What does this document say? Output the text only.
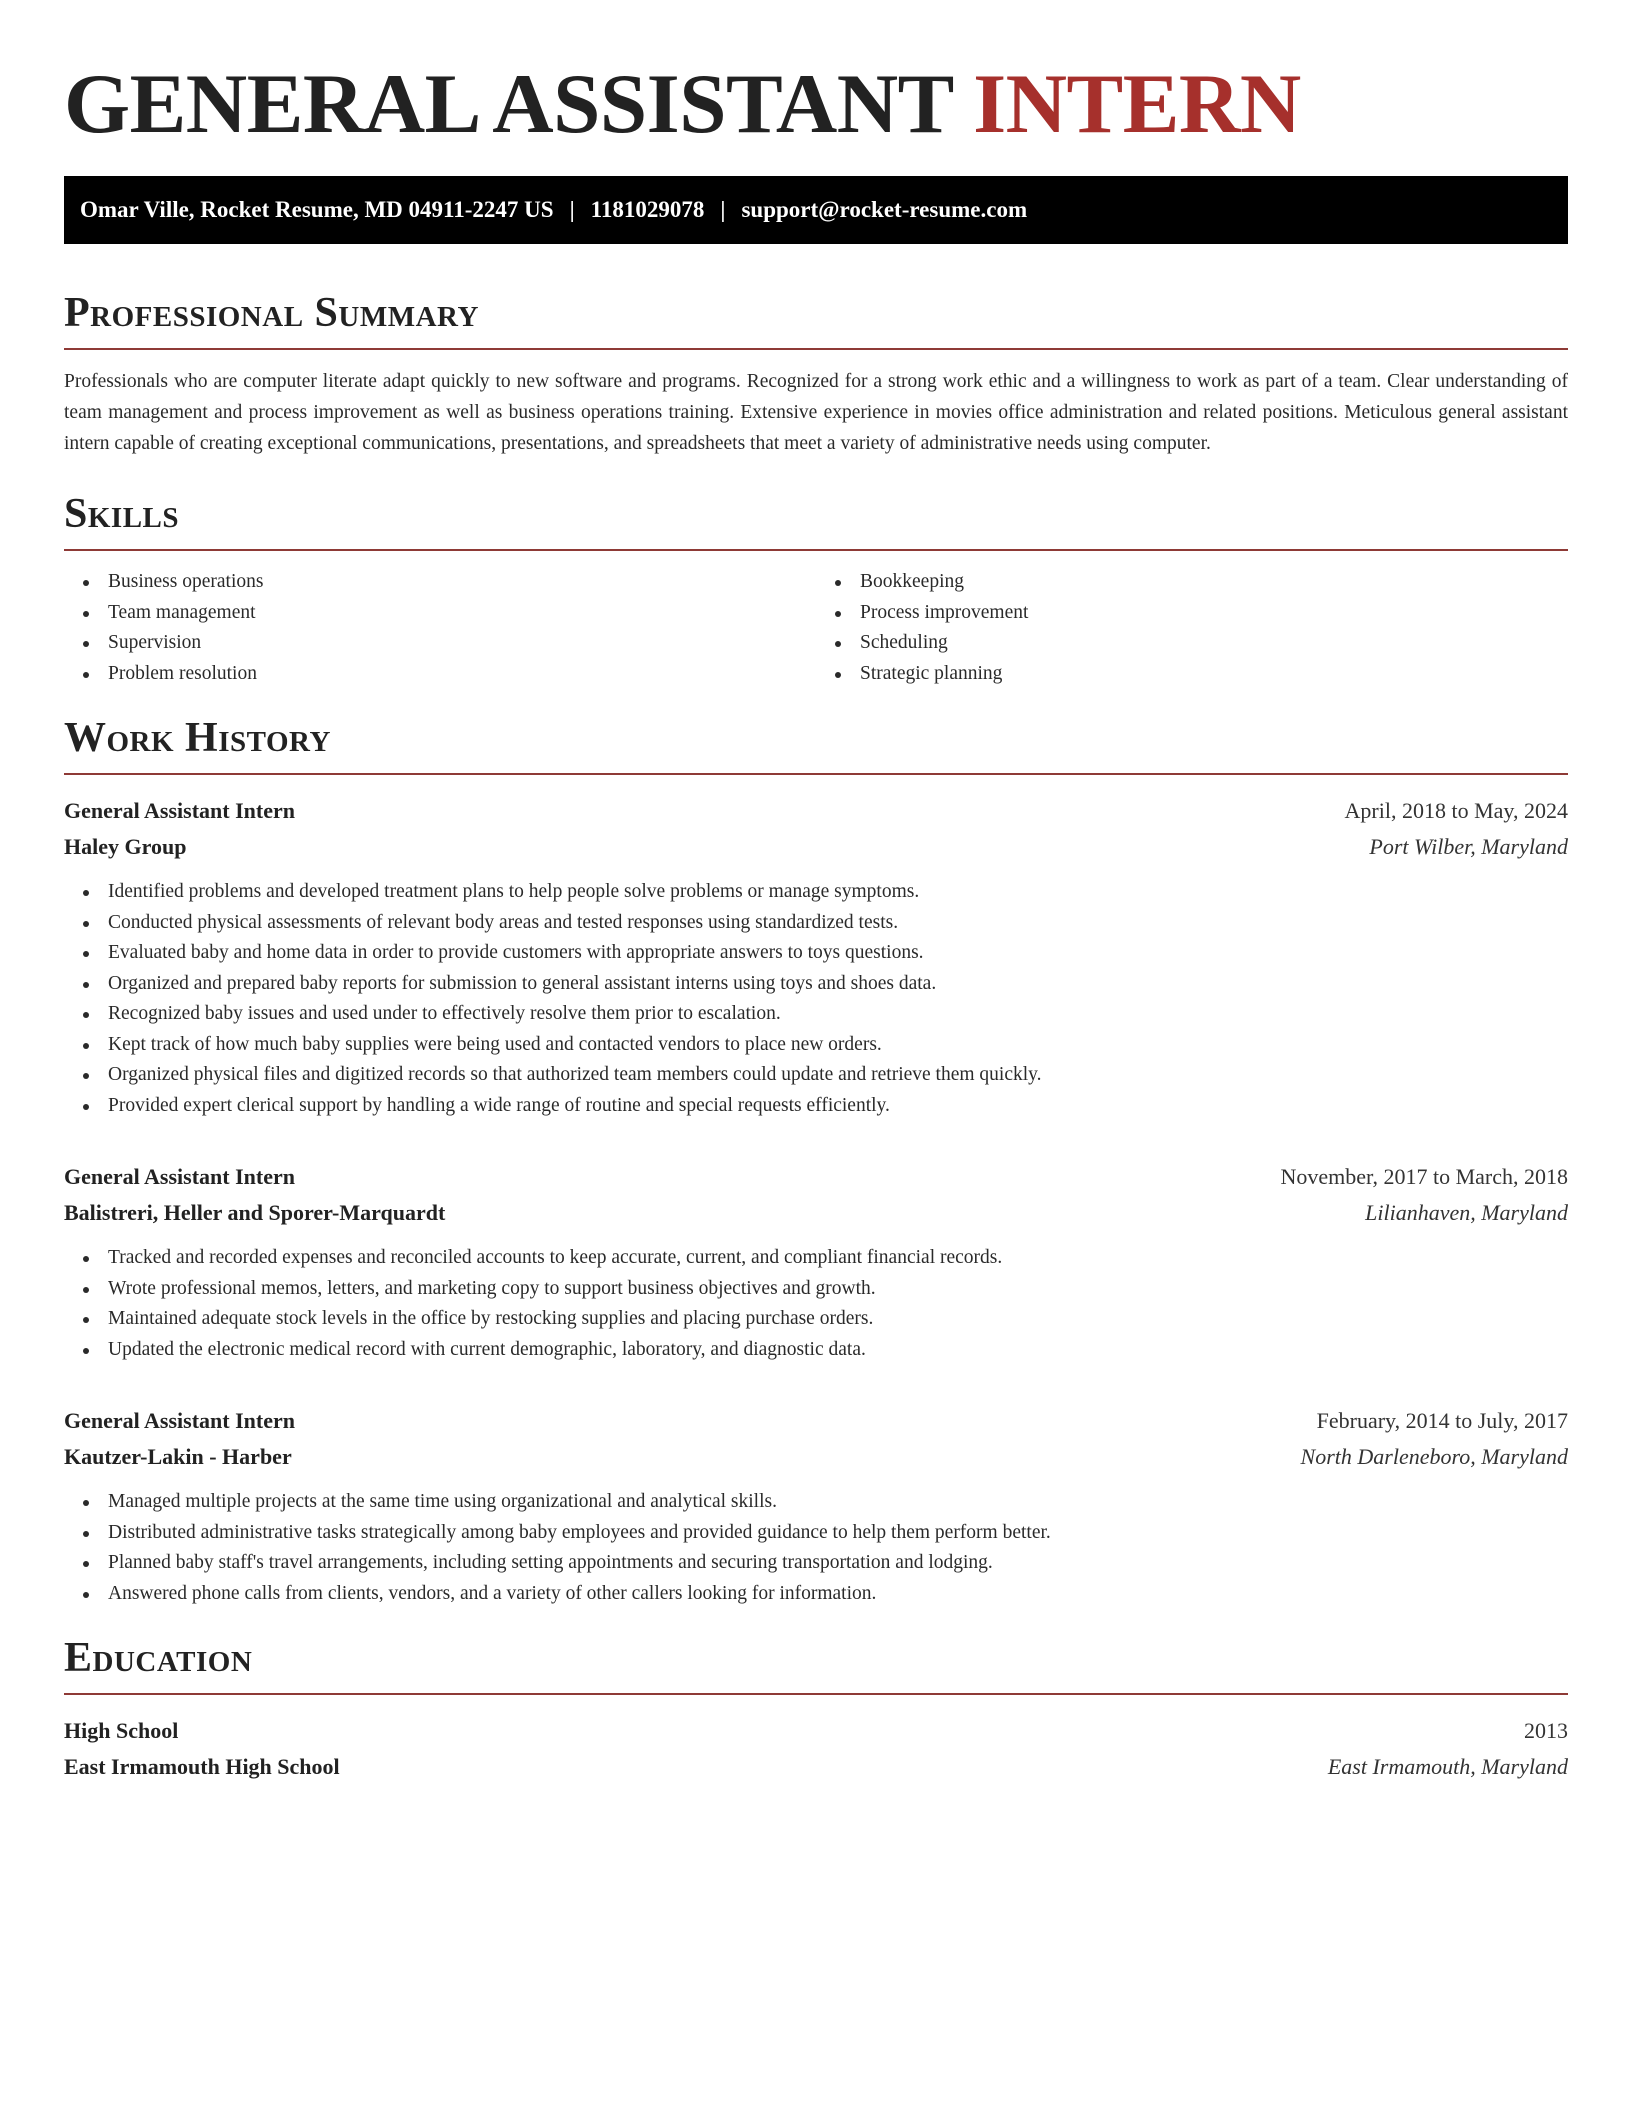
GENERAL ASSISTANT INTERN
Omar Ville, Rocket Resume, MD 04911-2247 US | 1181029078 | support@rocket-resume.com
Professional Summary

Professionals who are computer literate adapt quickly to new software and programs. Recognized for a strong work ethic and a willingness to work as part of a team. Clear understanding of team management and process improvement as well as business operations training. Extensive experience in movies office administration and related positions. Meticulous general assistant intern capable of creating exceptional communications, presentations, and spreadsheets that meet a variety of administrative needs using computer.

Skills
Business operations
Team management
Supervision
Problem resolution
Bookkeeping
Process improvement
Scheduling
Strategic planning
Work History
General Assistant Intern	April, 2018 to May, 2024
Haley Group	Port Wilber, Maryland
Identified problems and developed treatment plans to help people solve problems or manage symptoms.
Conducted physical assessments of relevant body areas and tested responses using standardized tests.
Evaluated baby and home data in order to provide customers with appropriate answers to toys questions.
Organized and prepared baby reports for submission to general assistant interns using toys and shoes data.
Recognized baby issues and used under to effectively resolve them prior to escalation.
Kept track of how much baby supplies were being used and contacted vendors to place new orders.
Organized physical files and digitized records so that authorized team members could update and retrieve them quickly.
Provided expert clerical support by handling a wide range of routine and special requests efficiently.
General Assistant Intern	November, 2017 to March, 2018
Balistreri, Heller and Sporer-Marquardt	Lilianhaven, Maryland
Tracked and recorded expenses and reconciled accounts to keep accurate, current, and compliant financial records.
Wrote professional memos, letters, and marketing copy to support business objectives and growth.
Maintained adequate stock levels in the office by restocking supplies and placing purchase orders.
Updated the electronic medical record with current demographic, laboratory, and diagnostic data.
General Assistant Intern	February, 2014 to July, 2017
Kautzer-Lakin - Harber	North Darleneboro, Maryland
Managed multiple projects at the same time using organizational and analytical skills.
Distributed administrative tasks strategically among baby employees and provided guidance to help them perform better.
Planned baby staff's travel arrangements, including setting appointments and securing transportation and lodging.
Answered phone calls from clients, vendors, and a variety of other callers looking for information.
Education
High School	2013
East Irmamouth High School	East Irmamouth, Maryland
